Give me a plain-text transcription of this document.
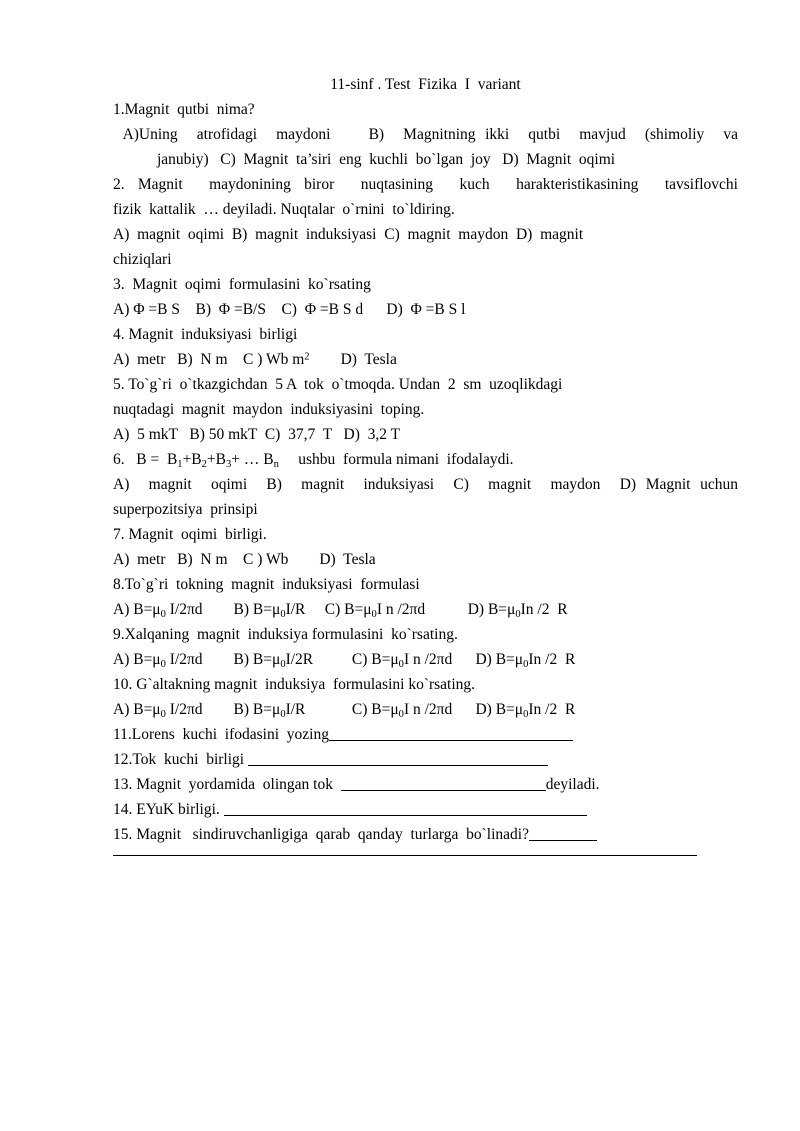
11-sinf . Test  Fizika  I  variant
1.Magnit  qutbi  nima?
A)Uning  atrofidagi  maydoni    B)  Magnitning ikki  qutbi  mavjud  (shimoliy  va
janubiy)   C)  Magnit  ta’siri  eng  kuchli  bo`lgan  joy   D)  Magnit  oqimi
2. Magnit  maydonining biror  nuqtasining  kuch  harakteristikasining  tavsiflovchi
fizik  kattalik  … deyiladi. Nuqtalar  o`rnini  to`ldiring.
A)  magnit  oqimi  B)  magnit  induksiyasi  C)  magnit  maydon  D)  magnit
chiziqlari
3.  Magnit  oqimi  formulasini  ko`rsating
A) Φ =B S    B)  Φ =B/S    C)  Φ =B S d      D)  Φ =B S l
4. Magnit  induksiyasi  birligi
A)  metr   B)  N m    C ) Wb $m^2$        D)  Tesla
5. To`g`ri  o`tkazgichdan  5 A  tok  o`tmoqda. Undan  2  sm  uzoqlikdagi
nuqtadagi  magnit  maydon  induksiyasini  toping.
A)  5 mkT   B) 50 mkT  C)  37,7  T   D)  3,2 T
6.   $B = B_1+B_2+B_3+$ … $B_n$     ushbu  formula nimani  ifodalaydi.
A)  magnit  oqimi  B)  magnit  induksiyasi  C)  magnit  maydon  D) Magnit uchun
superpozitsiya  prinsipi
7. Magnit  oqimi  birligi.
A)  metr   B)  N m    C ) Wb        D)  Tesla
8.To`g`ri  tokning  magnit  induksiyasi  formulasi
A) $B=\mu_0$ I/2πd        B) $B=\mu_0I/R$     C) $B=\mu_0I$ n /2πd           D) $B=\mu_0In$ /2  R
9.Xalqaning  magnit  induksiya formulasini  ko`rsating.
A) $B=\mu_0$ I/2πd        B) $B=\mu_0I/2R$          C) $B=\mu_0I$ n /2πd      D) $B=\mu_0In$ /2  R
10. G`altakning magnit  induksiya  formulasini ko`rsating.
A) $B=\mu_0$ I/2πd        B) $B=\mu_0I/R$            C) $B=\mu_0I$ n /2πd      D) $B=\mu_0In$ /2  R
11.Lorens  kuchi  ifodasini  yozing
12.Tok  kuchi  birligi
13. Magnit  yordamida  olingan tok	deyiladi.
14. EYuK birligi.
15. Magnit   sindiruvchanligiga  qarab  qanday  turlarga  bo`linadi?
